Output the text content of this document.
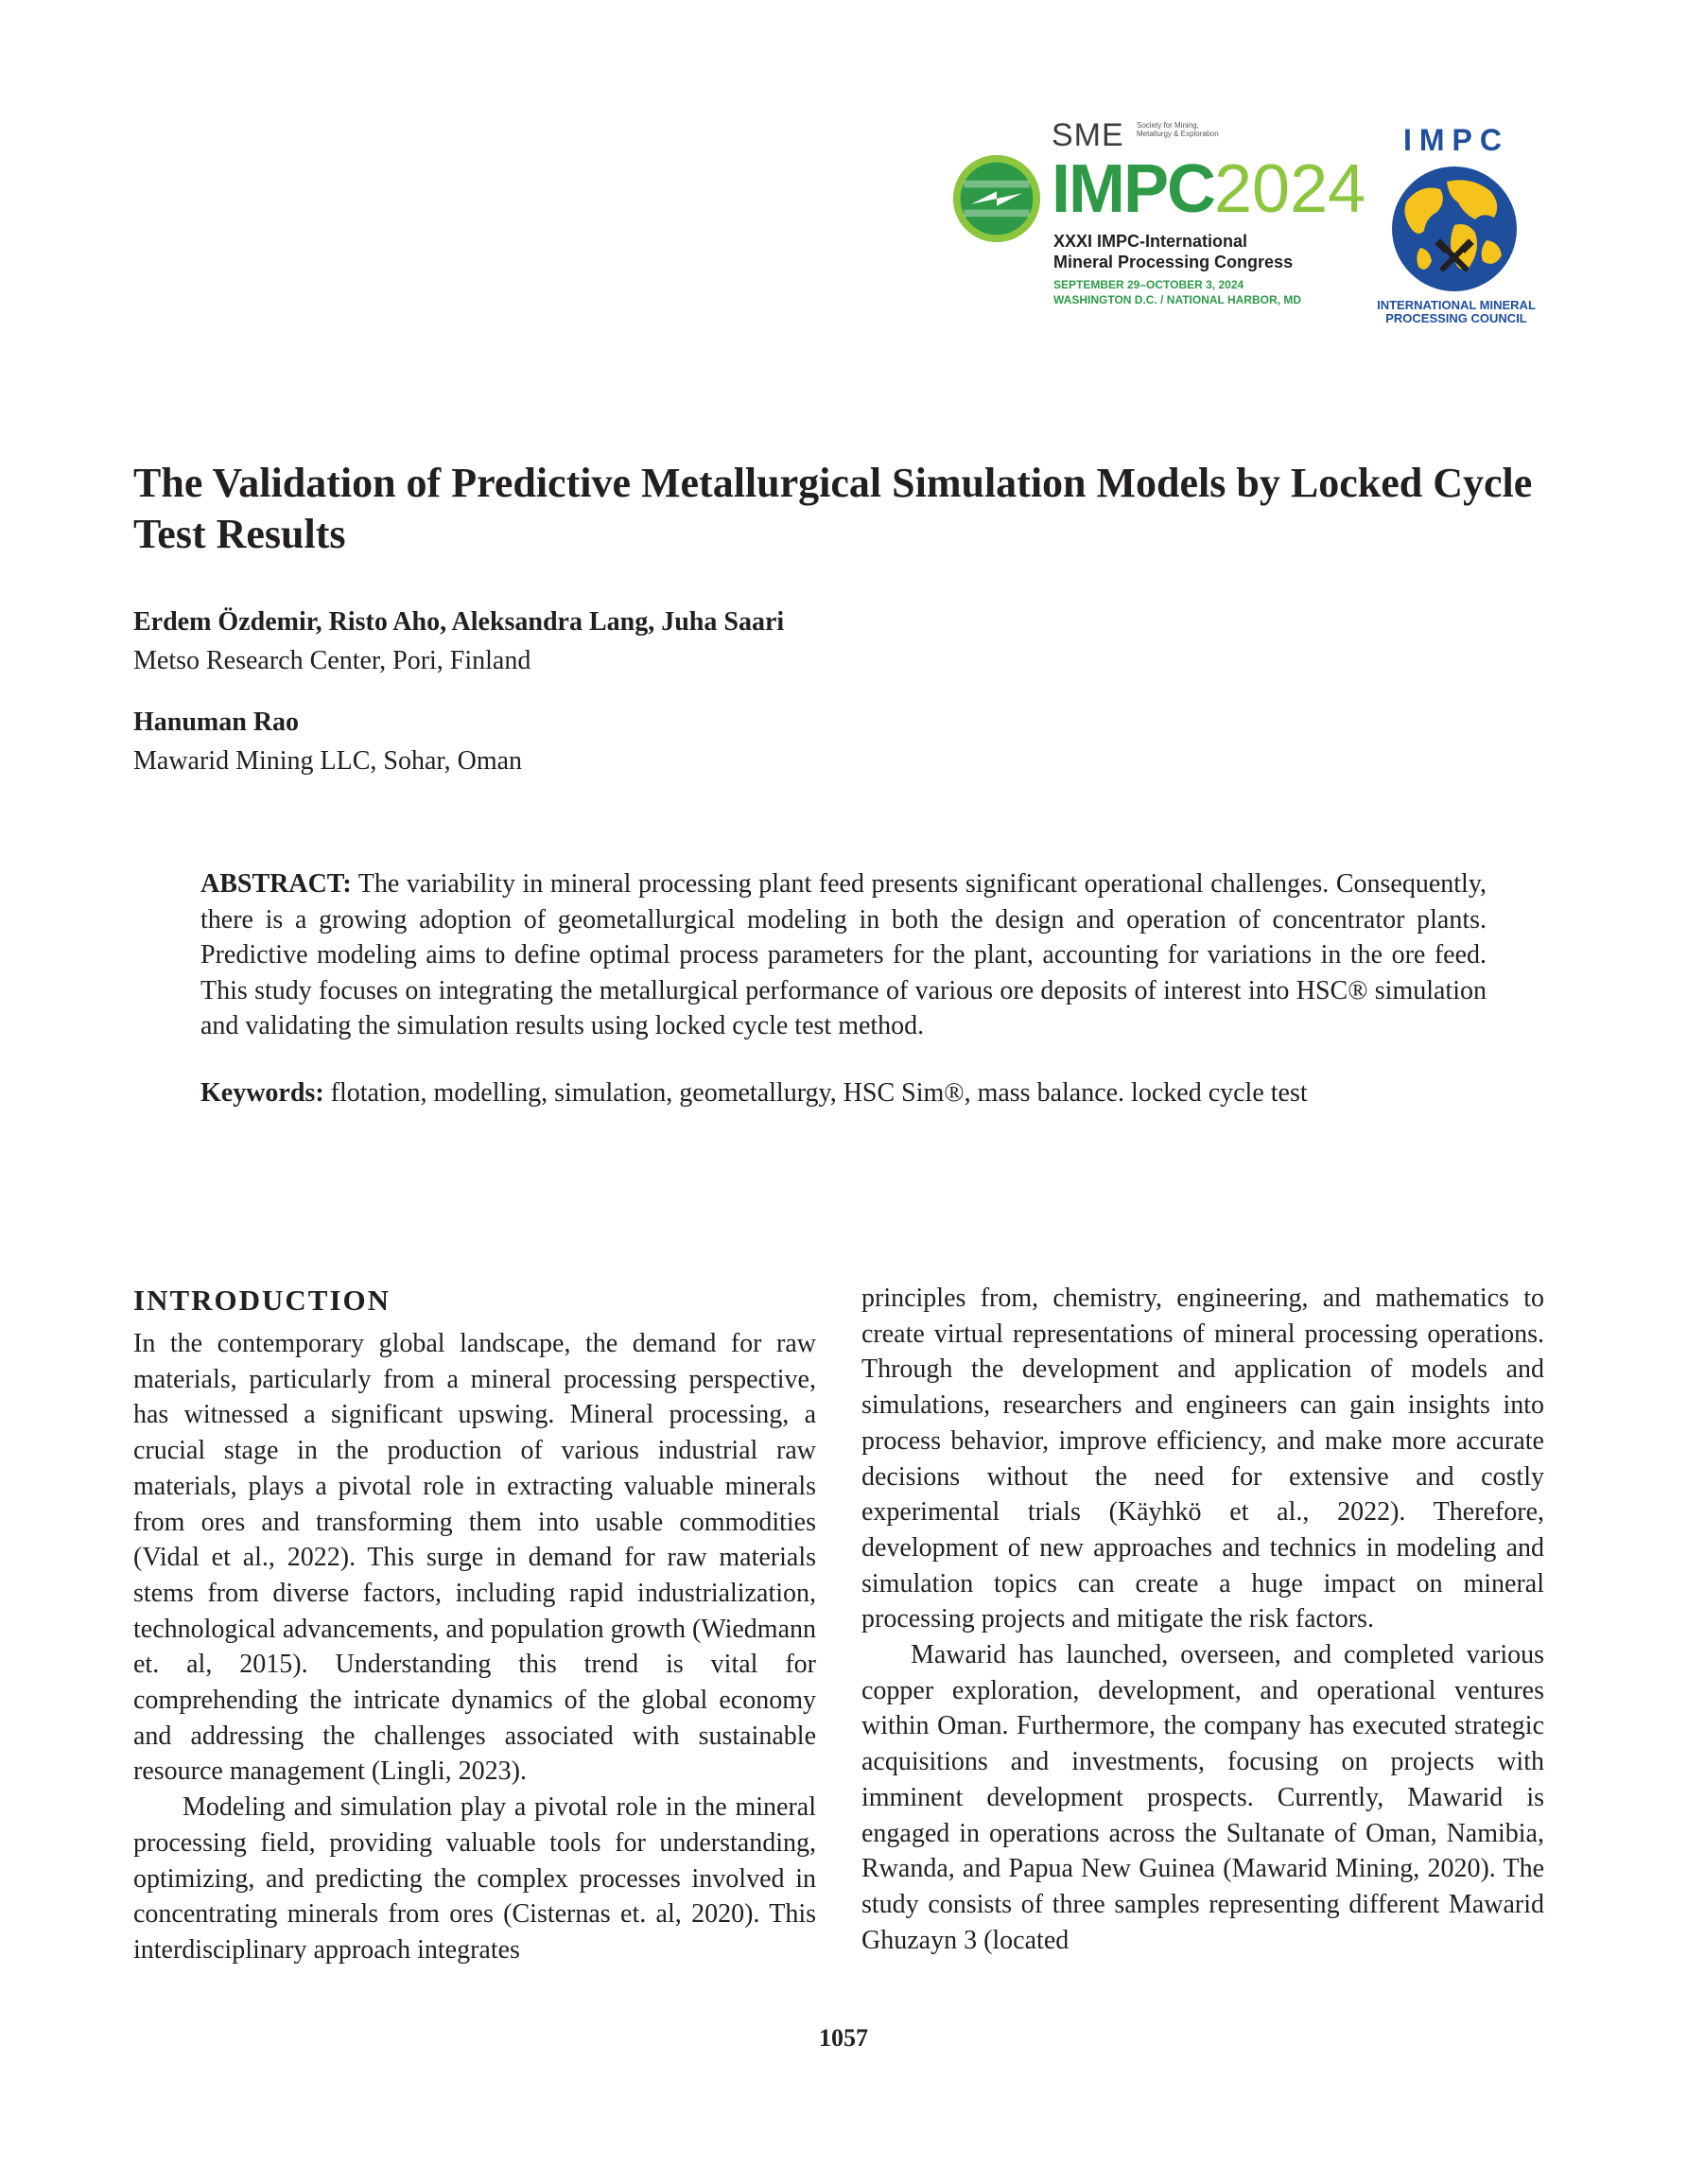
SME Society for Mining, Metallurgy & Exploration
IMPC2024
XXXI IMPC-International
Mineral Processing Congress
SEPTEMBER 29–OCTOBER 3, 2024
WASHINGTON D.C. / NATIONAL HARBOR, MD
IMPC
INTERNATIONAL MINERAL
PROCESSING COUNCIL
The Validation of Predictive Metallurgical Simulation Models by Locked Cycle Test Results

Erdem Özdemir, Risto Aho, Aleksandra Lang, Juha Saari

Metso Research Center, Pori, Finland

Hanuman Rao

Mawarid Mining LLC, Sohar, Oman

ABSTRACT: The variability in mineral processing plant feed presents significant operational challenges. Consequently, there is a growing adoption of geometallurgical modeling in both the design and operation of concentrator plants. Predictive modeling aims to define optimal process parameters for the plant, accounting for variations in the ore feed. This study focuses on integrating the metallurgical performance of various ore deposits of interest into HSC® simulation and validating the simulation results using locked cycle test method.

Keywords: flotation, modelling, simulation, geometallurgy, HSC Sim®, mass balance. locked cycle test

INTRODUCTION

In the contemporary global landscape, the demand for raw materials, particularly from a mineral processing perspective, has witnessed a significant upswing. Mineral processing, a crucial stage in the production of various industrial raw materials, plays a pivotal role in extracting valuable minerals from ores and transforming them into usable commodities (Vidal et al., 2022). This surge in demand for raw materials stems from diverse factors, including rapid industrialization, technological advancements, and population growth (Wiedmann et. al, 2015). Understanding this trend is vital for comprehending the intricate dynamics of the global economy and addressing the challenges associated with sustainable resource management (Lingli, 2023).

Modeling and simulation play a pivotal role in the mineral processing field, providing valuable tools for understanding, optimizing, and predicting the complex processes involved in concentrating minerals from ores (Cisternas et. al, 2020). This interdisciplinary approach integrates

principles from, chemistry, engineering, and mathematics to create virtual representations of mineral processing operations. Through the development and application of models and simulations, researchers and engineers can gain insights into process behavior, improve efficiency, and make more accurate decisions without the need for extensive and costly experimental trials (Käyhkö et al., 2022). Therefore, development of new approaches and technics in modeling and simulation topics can create a huge impact on mineral processing projects and mitigate the risk factors.

Mawarid has launched, overseen, and completed various copper exploration, development, and operational ventures within Oman. Furthermore, the company has executed strategic acquisitions and investments, focusing on projects with imminent development prospects. Currently, Mawarid is engaged in operations across the Sultanate of Oman, Namibia, Rwanda, and Papua New Guinea (Mawarid Mining, 2020). The study consists of three samples representing different Mawarid Ghuzayn 3 (located

1057
